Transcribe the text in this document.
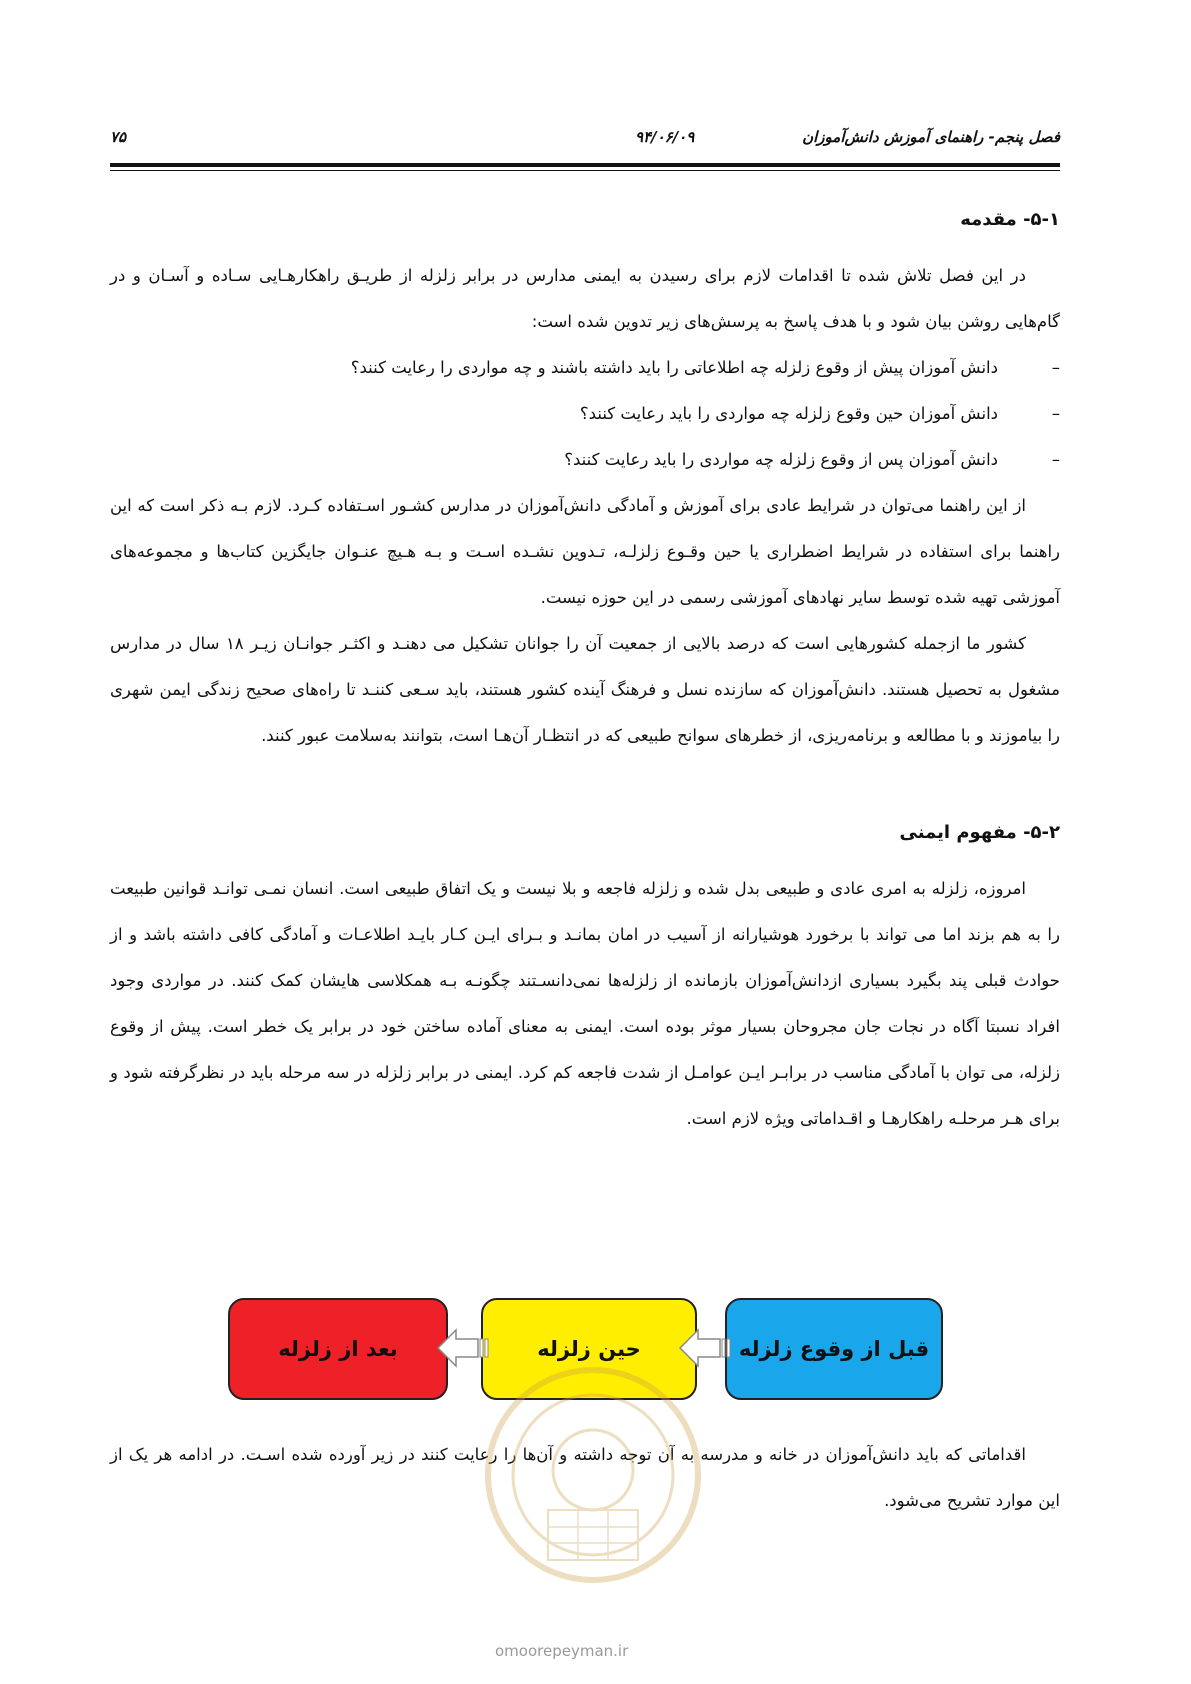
فصل پنجم- راهنمای آموزش دانش‌آموزان
۹۴/۰۶/۰۹
۷۵
۵-۱- مقدمه

در این فصل تلاش شده تا اقدامات لازم برای رسیدن به ایمنی مدارس در برابر زلزله از طریـق راهکارهـایی سـاده و آسـان و در گام‌هایی روشن بیان شود و با هدف پاسخ به پرسش‌های زیر تدوین شده است:

–
دانش آموزان پیش از وقوع زلزله چه اطلاعاتی را باید داشته باشند و چه مواردی را رعایت کنند؟
–
دانش آموزان حین وقوع زلزله چه مواردی را باید رعایت کنند؟
–
دانش آموزان پس از وقوع زلزله چه مواردی را باید رعایت کنند؟

از این راهنما می‌توان در شرایط عادی برای آموزش و آمادگی دانش‌آموزان در مدارس کشـور اسـتفاده کـرد. لازم بـه ذکر است که این راهنما برای استفاده در شرایط اضطراری یا حین وقـوع زلزلـه، تـدوین نشـده اسـت و بـه هـیچ عنـوان جایگزین کتاب‌ها و مجموعه‌های آموزشی تهیه شده توسط سایر نهادهای آموزشی رسمی در این حوزه نیست.

کشور ما ازجمله کشورهایی است که درصد بالایی از جمعیت آن را جوانان تشکیل می دهنـد و اکثـر جوانـان زیـر ۱۸ سال در مدارس مشغول به تحصیل هستند. دانش‌آموزان که سازنده نسل و فرهنگ آینده کشور هستند، باید سـعی کننـد تا راه‌های صحیح زندگی ایمن شهری را بیاموزند و با مطالعه و برنامه‌ریزی، از خطرهای سوانح طبیعی که در انتظـار آن‌هـا است، بتوانند به‌سلامت عبور کنند.

۵-۲- مفهوم ایمنی

امروزه، زلزله به امری عادی و طبیعی بدل شده و زلزله فاجعه و بلا نیست و یک اتفاق طبیعی است. انسان نمـی توانـد قوانین طبیعت را به هم بزند اما می تواند با برخورد هوشیارانه از آسیب در امان بمانـد و بـرای ایـن کـار بایـد اطلاعـات و آمادگی کافی داشته باشد و از حوادث قبلی پند بگیرد بسیاری ازدانش‌آموزان بازمانده از زلزله‌ها نمی‌دانسـتند چگونـه بـه همکلاسی هایشان کمک کنند. در مواردی وجود افراد نسبتا آگاه در نجات جان مجروحان بسیار موثر بوده است. ایمنی به معنای آماده ساختن خود در برابر یک خطر است. پیش از وقوع زلزله، می توان با آمادگی مناسب در برابـر ایـن عوامـل از شدت فاجعه کم کرد. ایمنی در برابر زلزله در سه مرحله باید در نظرگرفته شود و برای هـر مرحلـه راهکارهـا و اقـداماتی ویژه لازم است.

بعد از زلزله	حین زلزله	قبل از وقوع زلزله

اقداماتی که باید دانش‌آموزان در خانه و مدرسه به آن توجه داشته و آن‌ها را رعایت کنند در زیر آورده شده اسـت. در ادامه هر یک از این موارد تشریح می‌شود.

omoorepeyman.ir
